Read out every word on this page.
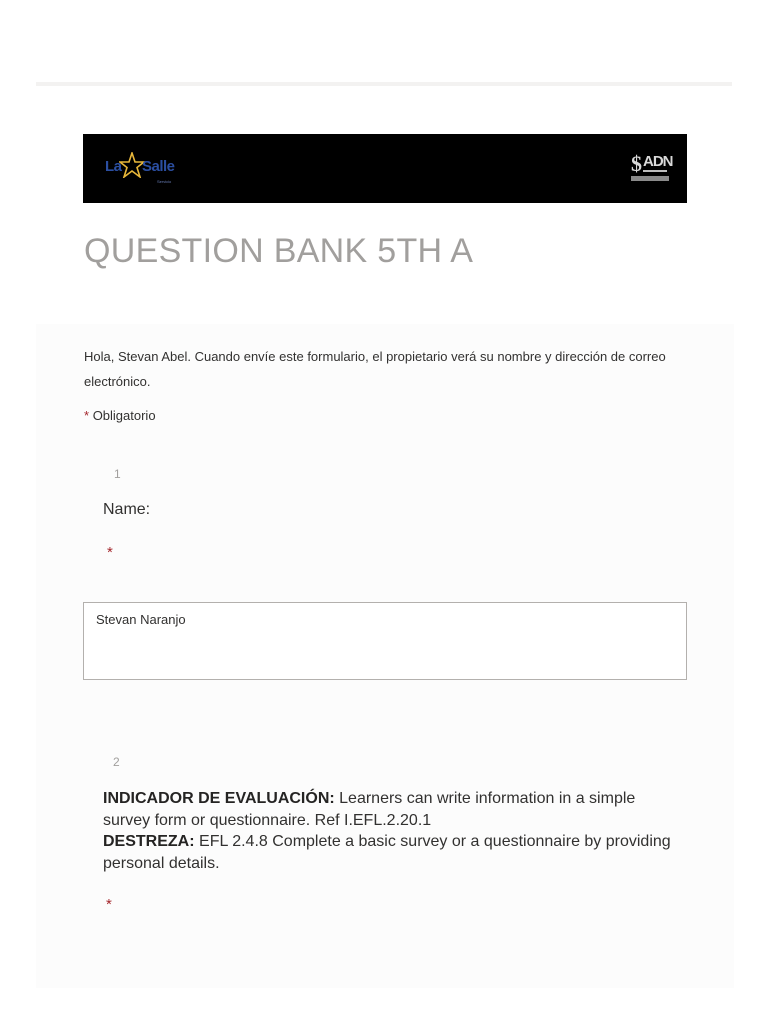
La Salle
Servicio
$ ADN
QUESTION BANK 5TH A

Hola, Stevan Abel. Cuando envíe este formulario, el propietario verá su nombre y dirección de correo electrónico.

* Obligatorio
1
Name:
*
Stevan Naranjo
2

INDICADOR DE EVALUACIÓN: Learners can write information in a simple survey form or questionnaire. Ref I.EFL.2.20.1
DESTREZA: EFL 2.4.8 Complete a basic survey or a questionnaire by providing personal details.

*
